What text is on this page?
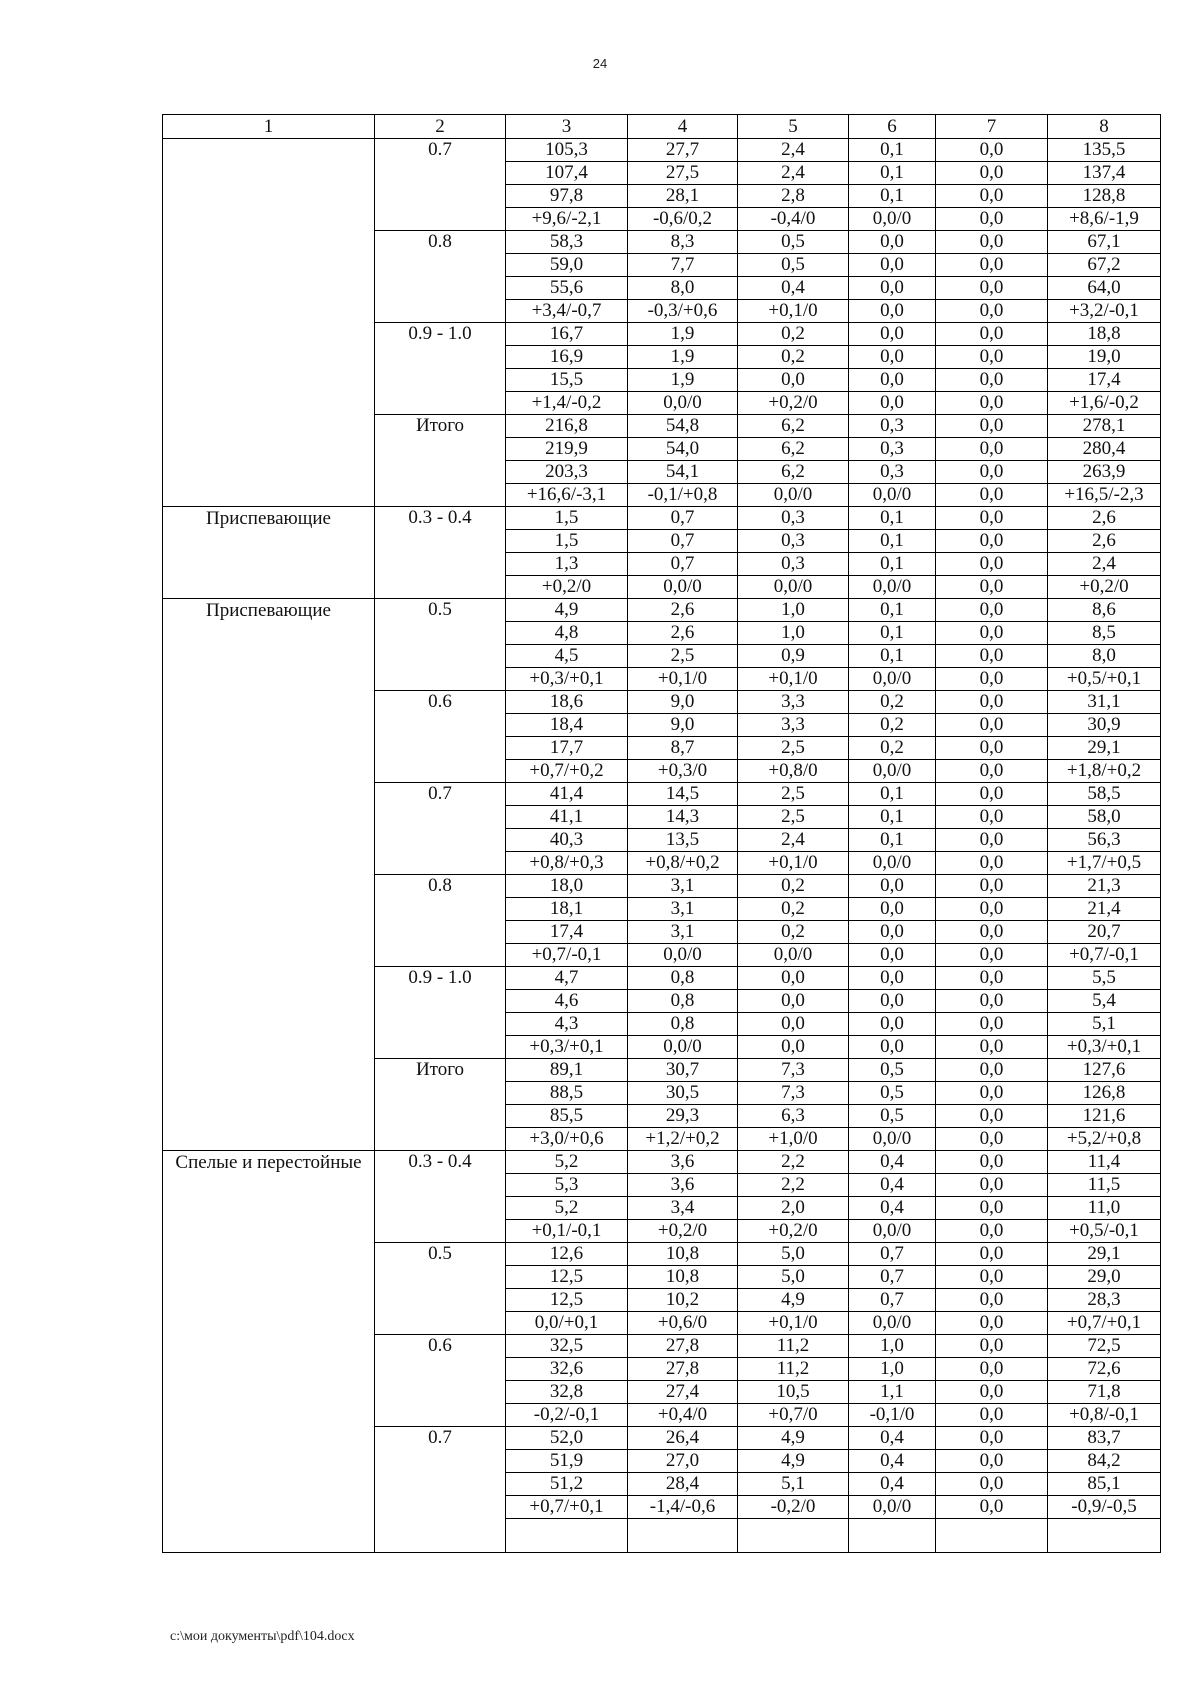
24
1	2	3	4	5	6	7	8
	0.7	105,3	27,7	2,4	0,1	0,0	135,5
		107,4	27,5	2,4	0,1	0,0	137,4
		97,8	28,1	2,8	0,1	0,0	128,8
		+9,6/-2,1	-0,6/0,2	-0,4/0	0,0/0	0,0	+8,6/-1,9
	0.8	58,3	8,3	0,5	0,0	0,0	67,1
		59,0	7,7	0,5	0,0	0,0	67,2
		55,6	8,0	0,4	0,0	0,0	64,0
		+3,4/-0,7	-0,3/+0,6	+0,1/0	0,0	0,0	+3,2/-0,1
	0.9 - 1.0	16,7	1,9	0,2	0,0	0,0	18,8
		16,9	1,9	0,2	0,0	0,0	19,0
		15,5	1,9	0,0	0,0	0,0	17,4
		+1,4/-0,2	0,0/0	+0,2/0	0,0	0,0	+1,6/-0,2
	Итого	216,8	54,8	6,2	0,3	0,0	278,1
		219,9	54,0	6,2	0,3	0,0	280,4
		203,3	54,1	6,2	0,3	0,0	263,9
		+16,6/-3,1	-0,1/+0,8	0,0/0	0,0/0	0,0	+16,5/-2,3
Приспевающие	0.3 - 0.4	1,5	0,7	0,3	0,1	0,0	2,6
		1,5	0,7	0,3	0,1	0,0	2,6
		1,3	0,7	0,3	0,1	0,0	2,4
		+0,2/0	0,0/0	0,0/0	0,0/0	0,0	+0,2/0
Приспевающие	0.5	4,9	2,6	1,0	0,1	0,0	8,6
		4,8	2,6	1,0	0,1	0,0	8,5
		4,5	2,5	0,9	0,1	0,0	8,0
		+0,3/+0,1	+0,1/0	+0,1/0	0,0/0	0,0	+0,5/+0,1
	0.6	18,6	9,0	3,3	0,2	0,0	31,1
		18,4	9,0	3,3	0,2	0,0	30,9
		17,7	8,7	2,5	0,2	0,0	29,1
		+0,7/+0,2	+0,3/0	+0,8/0	0,0/0	0,0	+1,8/+0,2
	0.7	41,4	14,5	2,5	0,1	0,0	58,5
		41,1	14,3	2,5	0,1	0,0	58,0
		40,3	13,5	2,4	0,1	0,0	56,3
		+0,8/+0,3	+0,8/+0,2	+0,1/0	0,0/0	0,0	+1,7/+0,5
	0.8	18,0	3,1	0,2	0,0	0,0	21,3
		18,1	3,1	0,2	0,0	0,0	21,4
		17,4	3,1	0,2	0,0	0,0	20,7
		+0,7/-0,1	0,0/0	0,0/0	0,0	0,0	+0,7/-0,1
	0.9 - 1.0	4,7	0,8	0,0	0,0	0,0	5,5
		4,6	0,8	0,0	0,0	0,0	5,4
		4,3	0,8	0,0	0,0	0,0	5,1
		+0,3/+0,1	0,0/0	0,0	0,0	0,0	+0,3/+0,1
	Итого	89,1	30,7	7,3	0,5	0,0	127,6
		88,5	30,5	7,3	0,5	0,0	126,8
		85,5	29,3	6,3	0,5	0,0	121,6
		+3,0/+0,6	+1,2/+0,2	+1,0/0	0,0/0	0,0	+5,2/+0,8
Спелые и перестойные	0.3 - 0.4	5,2	3,6	2,2	0,4	0,0	11,4
		5,3	3,6	2,2	0,4	0,0	11,5
		5,2	3,4	2,0	0,4	0,0	11,0
		+0,1/-0,1	+0,2/0	+0,2/0	0,0/0	0,0	+0,5/-0,1
	0.5	12,6	10,8	5,0	0,7	0,0	29,1
		12,5	10,8	5,0	0,7	0,0	29,0
		12,5	10,2	4,9	0,7	0,0	28,3
		0,0/+0,1	+0,6/0	+0,1/0	0,0/0	0,0	+0,7/+0,1
	0.6	32,5	27,8	11,2	1,0	0,0	72,5
		32,6	27,8	11,2	1,0	0,0	72,6
		32,8	27,4	10,5	1,1	0,0	71,8
		-0,2/-0,1	+0,4/0	+0,7/0	-0,1/0	0,0	+0,8/-0,1
	0.7	52,0	26,4	4,9	0,4	0,0	83,7
		51,9	27,0	4,9	0,4	0,0	84,2
		51,2	28,4	5,1	0,4	0,0	85,1
		+0,7/+0,1	-1,4/-0,6	-0,2/0	0,0/0	0,0	-0,9/-0,5

c:\мои документы\pdf\104.docx
